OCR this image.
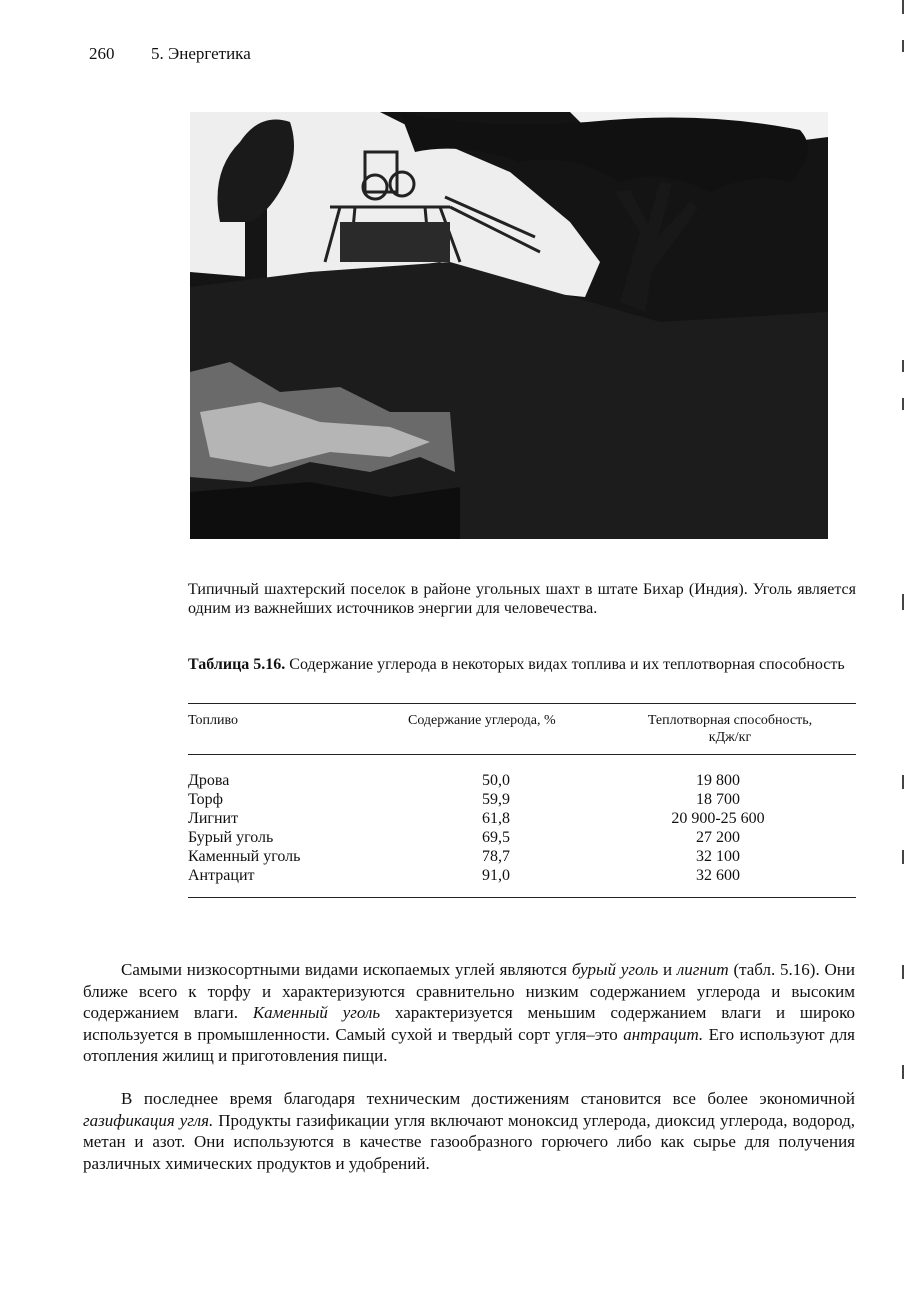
260 5. Энергетика
Типичный шахтерский поселок в районе угольных шахт в штате Бихар (Индия). Уголь является одним из важнейших источников энергии для человечества.
Таблица 5.16. Содержание углерода в некоторых видах топлива и их теплотворная способность
Топливо	Содержание углерода, %	Теплотворная способность,
кДж/кг
Дрова	50,0	19 800
Торф	59,9	18 700
Лигнит	61,8	20 900-25 600
Бурый уголь	69,5	27 200
Каменный уголь	78,7	32 100
Антрацит	91,0	32 600

Самыми низкосортными видами ископаемых углей являются бурый уголь и лигнит (табл. 5.16). Они ближе всего к торфу и характеризуются сравнительно низким содержанием углерода и высоким содержанием влаги. Каменный уголь характеризуется меньшим содержанием влаги и широко используется в промышленности. Самый сухой и твердый сорт угля–это антрацит. Его используют для отопления жилищ и приготовления пищи.

В последнее время благодаря техническим достижениям становится все более экономичной газификация угля. Продукты газификации угля включают моноксид углерода, диоксид углерода, водород, метан и азот. Они используются в качестве газообразного горючего либо как сырье для получения различных химических продуктов и удобрений.
